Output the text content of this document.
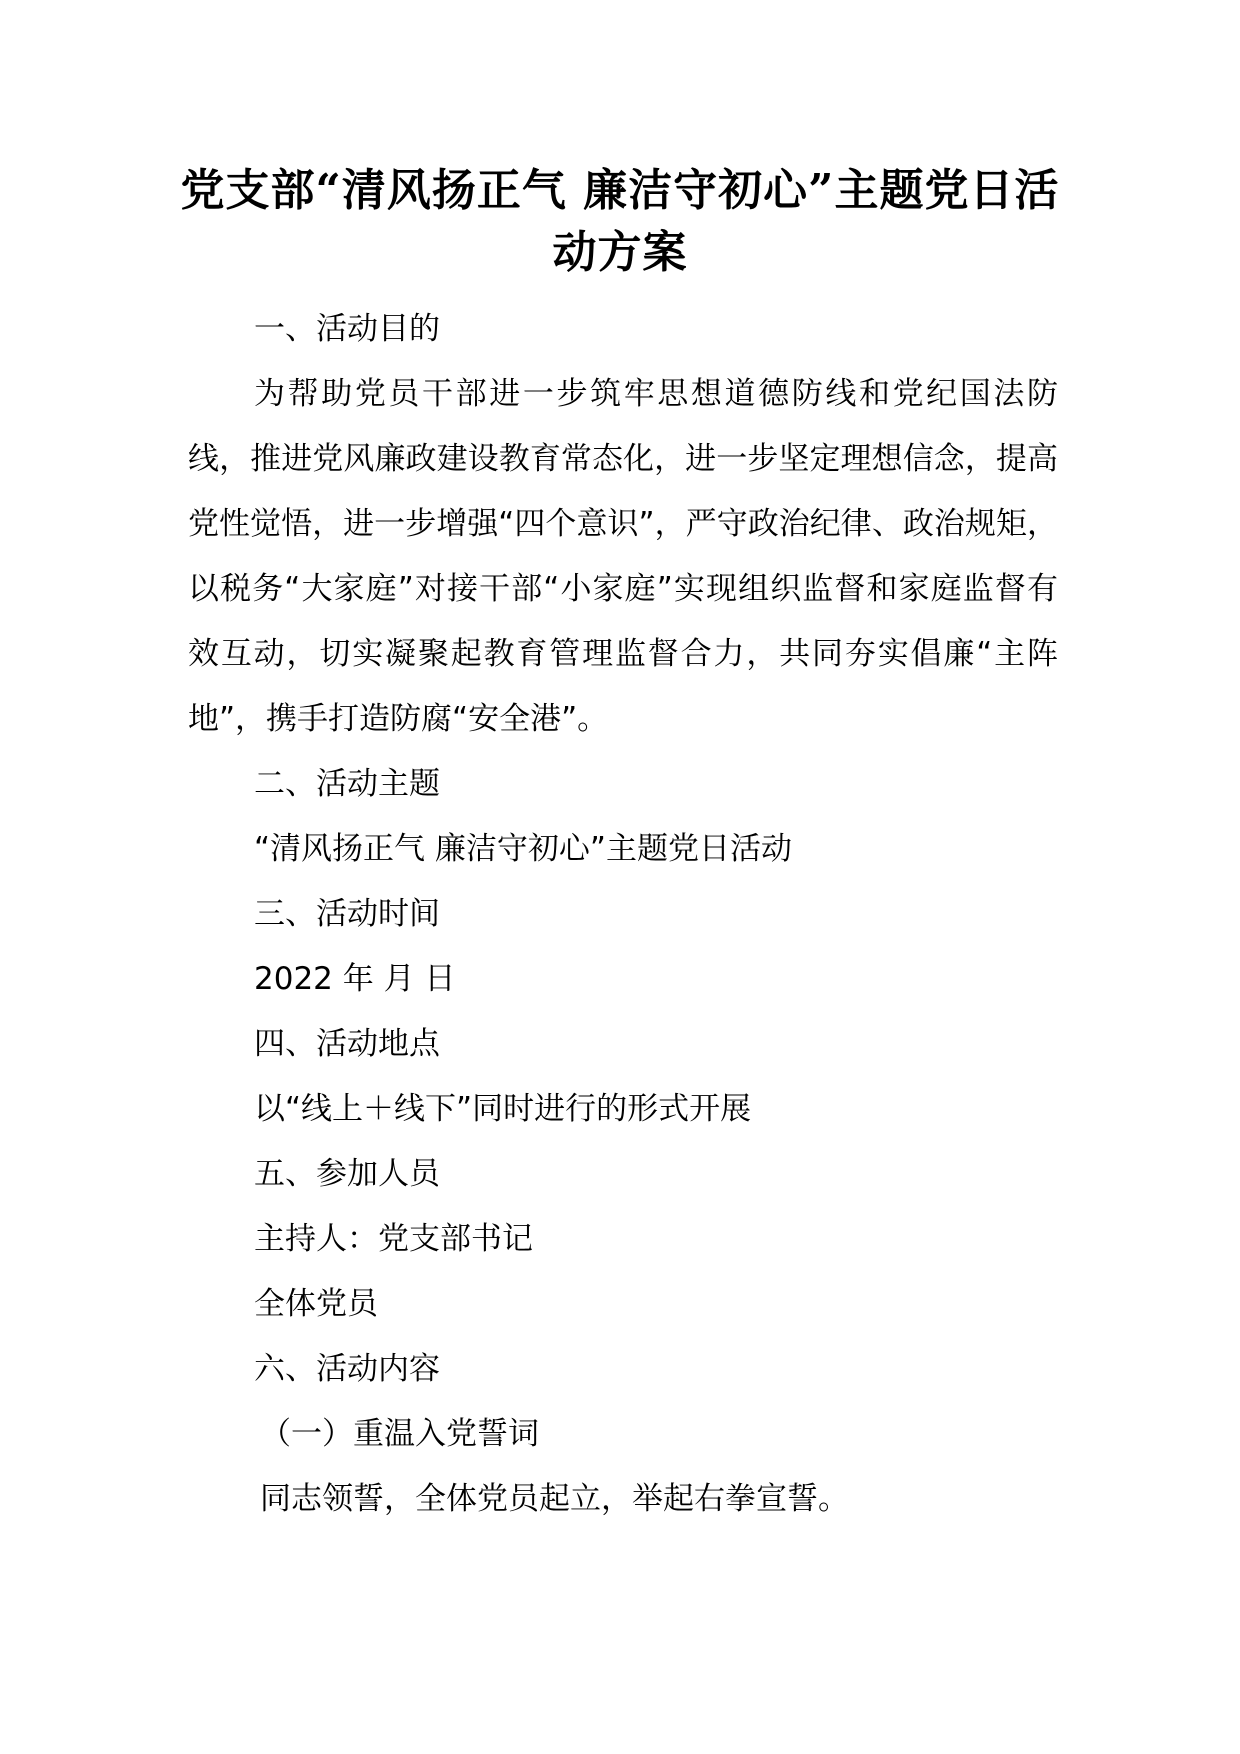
党支部“清风扬正气 廉洁守初心”主题党日活动方案

一、活动目的

为帮助党员干部进一步筑牢思想道德防线和党纪国法防线，推进党风廉政建设教育常态化，进一步坚定理想信念，提高党性觉悟，进一步增强“四个意识”，严守政治纪律、政治规矩，以税务“大家庭”对接干部“小家庭”实现组织监督和家庭监督有效互动，切实凝聚起教育管理监督合力，共同夯实倡廉“主阵地”，携手打造防腐“安全港”。

二、活动主题

“清风扬正气 廉洁守初心”主题党日活动

三、活动时间

2022 年 月 日

四、活动地点

以“线上＋线下”同时进行的形式开展

五、参加人员

主持人：党支部书记

全体党员

六、活动内容

（一）重温入党誓词

同志领誓，全体党员起立，举起右拳宣誓。
